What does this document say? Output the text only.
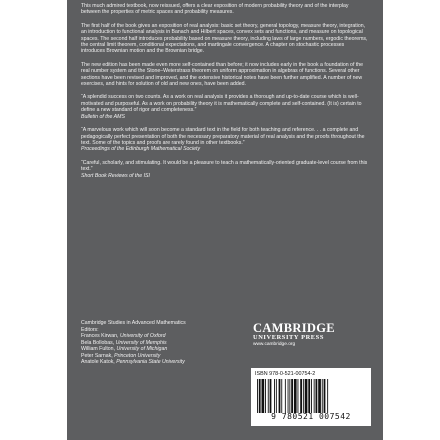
This much admired textbook, now reissued, offers a clear exposition of modern probability theory and of the interplay between the properties of metric spaces and probability measures.

The first half of the book gives an exposition of real analysis: basic set theory, general topology, measure theory, integration, an introduction to functional analysis in Banach and Hilbert spaces, convex sets and functions, and measure on topological spaces. The second half introduces probability based on measure theory, including laws of large numbers, ergodic theorems, the central limit theorem, conditional expectations, and martingale convergence. A chapter on stochastic processes introduces Brownian motion and the Brownian bridge.

The new edition has been made even more self-contained than before; it now includes early in the book a foundation of the real number system and the Stone–Weierstrass theorem on uniform approximation in algebras of functions. Several other sections have been revised and improved, and the extensive historical notes have been further amplified. A number of new exercises, and hints for solution of old and new ones, have been added.

“A splendid success on two counts. As a work on real analysis it provides a thorough and up-to-date course which is well-motivated and purposeful. As a work on probability theory it is mathematically complete and self-contained. (It is) certain to define a new standard of rigor and completeness.”
Bulletin of the AMS

“A marvelous work which will soon become a standard text in the field for both teaching and reference. . . a complete and pedagogically perfect presentation of both the necessary preparatory material of real analysis and the proofs throughout the text. Some of the topics and proofs are rarely found in other textbooks.”
Proceedings of the Edinburgh Mathematical Society

“Careful, scholarly, and stimulating. It would be a pleasure to teach a mathematically-oriented graduate-level course from this text.”
Short Book Reviews of the ISI

Cambridge Studies in Advanced Mathematics
Editors:
Frances Kirwan, University of Oxford
Bela Bollobas, University of Memphis
William Fulton, University of Michigan
Peter Sarnak, Princeton University
Anatole Katok, Pennsylvania State University
CAMBRIDGE
UNIVERSITY PRESS
www.cambridge.org
ISBN 978-0-521-00754-2
9 780521 007542
